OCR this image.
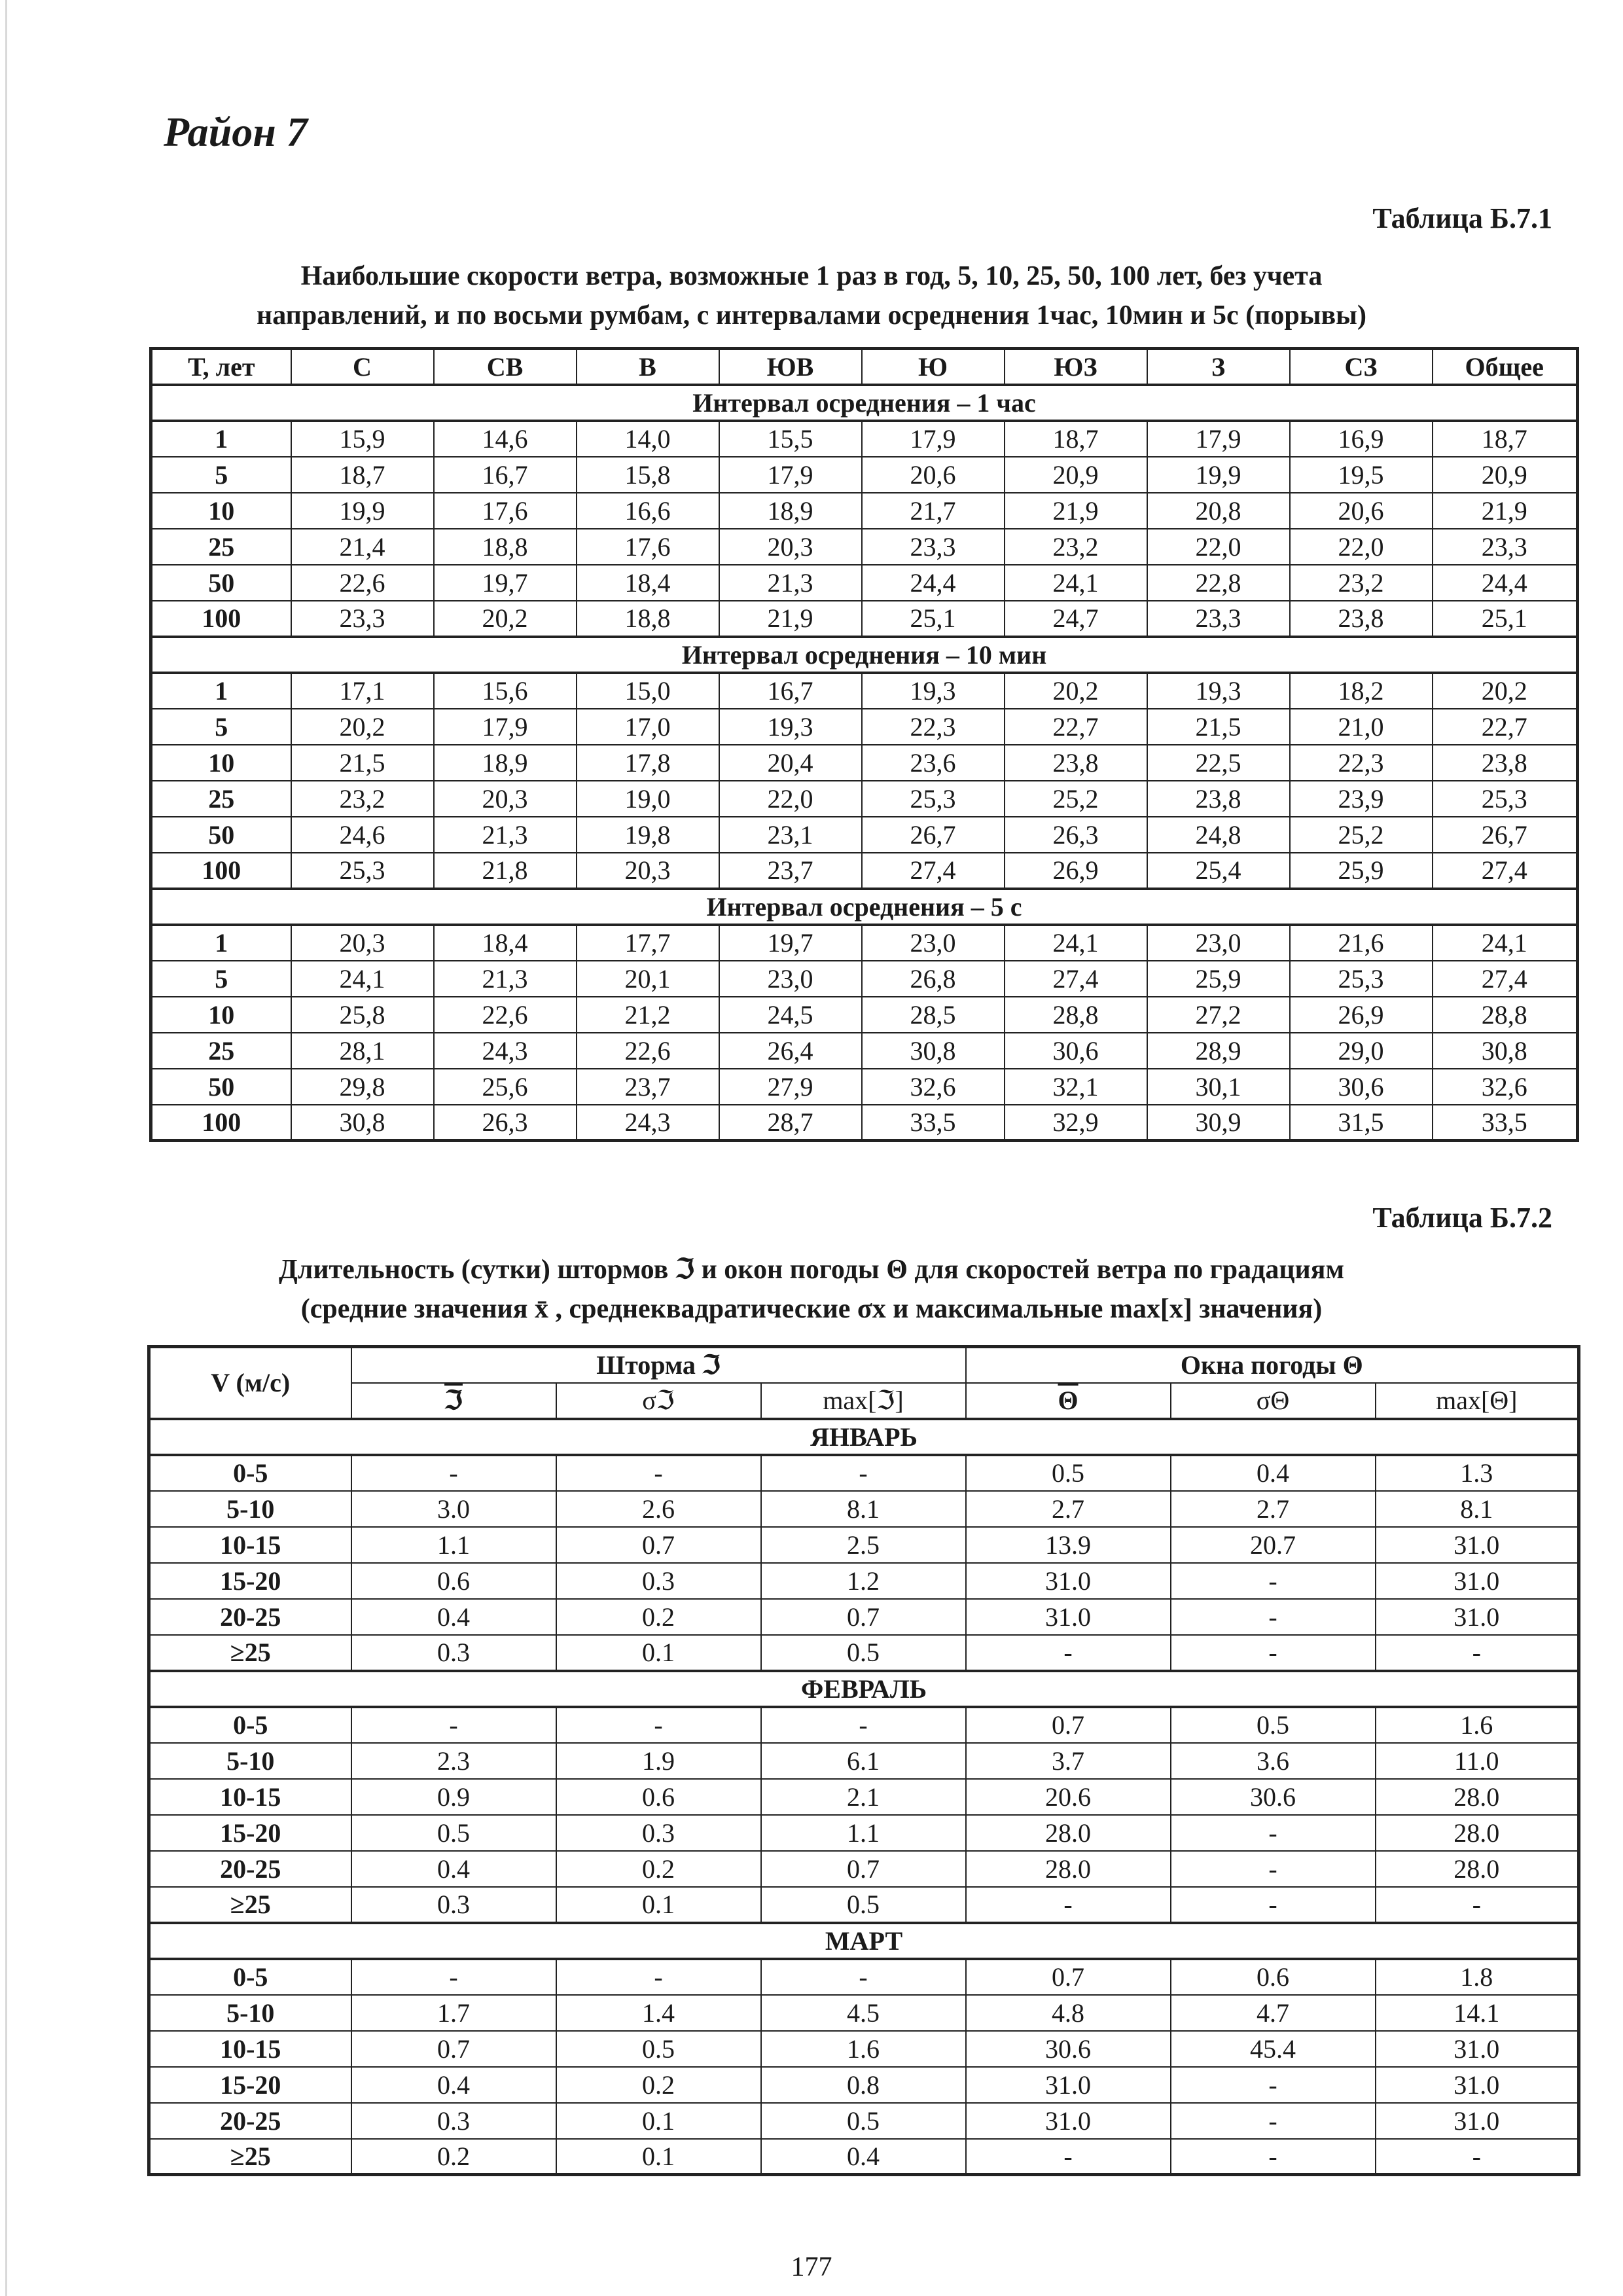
Район 7
Таблица Б.7.1
Наибольшие скорости ветра, возможные 1 раз в год, 5, 10, 25, 50, 100 лет, без учета
направлений, и по восьми румбам, с интервалами осреднения 1час, 10мин и 5с (порывы)
Т, лет	С	СВ	В	ЮВ	Ю	ЮЗ	З	СЗ	Общее
Интервал осреднения – 1 час									
1	15,9	14,6	14,0	15,5	17,9	18,7	17,9	16,9	18,7
5	18,7	16,7	15,8	17,9	20,6	20,9	19,9	19,5	20,9
10	19,9	17,6	16,6	18,9	21,7	21,9	20,8	20,6	21,9
25	21,4	18,8	17,6	20,3	23,3	23,2	22,0	22,0	23,3
50	22,6	19,7	18,4	21,3	24,4	24,1	22,8	23,2	24,4
100	23,3	20,2	18,8	21,9	25,1	24,7	23,3	23,8	25,1
Интервал осреднения – 10 мин									
1	17,1	15,6	15,0	16,7	19,3	20,2	19,3	18,2	20,2
5	20,2	17,9	17,0	19,3	22,3	22,7	21,5	21,0	22,7
10	21,5	18,9	17,8	20,4	23,6	23,8	22,5	22,3	23,8
25	23,2	20,3	19,0	22,0	25,3	25,2	23,8	23,9	25,3
50	24,6	21,3	19,8	23,1	26,7	26,3	24,8	25,2	26,7
100	25,3	21,8	20,3	23,7	27,4	26,9	25,4	25,9	27,4
Интервал осреднения – 5 с									
1	20,3	18,4	17,7	19,7	23,0	24,1	23,0	21,6	24,1
5	24,1	21,3	20,1	23,0	26,8	27,4	25,9	25,3	27,4
10	25,8	22,6	21,2	24,5	28,5	28,8	27,2	26,9	28,8
25	28,1	24,3	22,6	26,4	30,8	30,6	28,9	29,0	30,8
50	29,8	25,6	23,7	27,9	32,6	32,1	30,1	30,6	32,6
100	30,8	26,3	24,3	28,7	33,5	32,9	30,9	31,5	33,5
Таблица Б.7.2
Длительность (сутки) штормов ℑ и окон погоды Θ для скоростей ветра по градациям
(средние значения x̄ , среднеквадратические σx и максимальные max[x] значения)
V (м/с)	Шторма ℑ			Окна погоды Θ		
	ℑ	σℑ	max[ℑ]	$\overline{\Theta}$	σΘ	max[Θ]
ЯНВАРЬ						
0-5	-	-	-	0.5	0.4	1.3
5-10	3.0	2.6	8.1	2.7	2.7	8.1
10-15	1.1	0.7	2.5	13.9	20.7	31.0
15-20	0.6	0.3	1.2	31.0	-	31.0
20-25	0.4	0.2	0.7	31.0	-	31.0
≥25	0.3	0.1	0.5	-	-	-
ФЕВРАЛЬ						
0-5	-	-	-	0.7	0.5	1.6
5-10	2.3	1.9	6.1	3.7	3.6	11.0
10-15	0.9	0.6	2.1	20.6	30.6	28.0
15-20	0.5	0.3	1.1	28.0	-	28.0
20-25	0.4	0.2	0.7	28.0	-	28.0
≥25	0.3	0.1	0.5	-	-	-
МАРТ						
0-5	-	-	-	0.7	0.6	1.8
5-10	1.7	1.4	4.5	4.8	4.7	14.1
10-15	0.7	0.5	1.6	30.6	45.4	31.0
15-20	0.4	0.2	0.8	31.0	-	31.0
20-25	0.3	0.1	0.5	31.0	-	31.0
≥25	0.2	0.1	0.4	-	-	-
177
